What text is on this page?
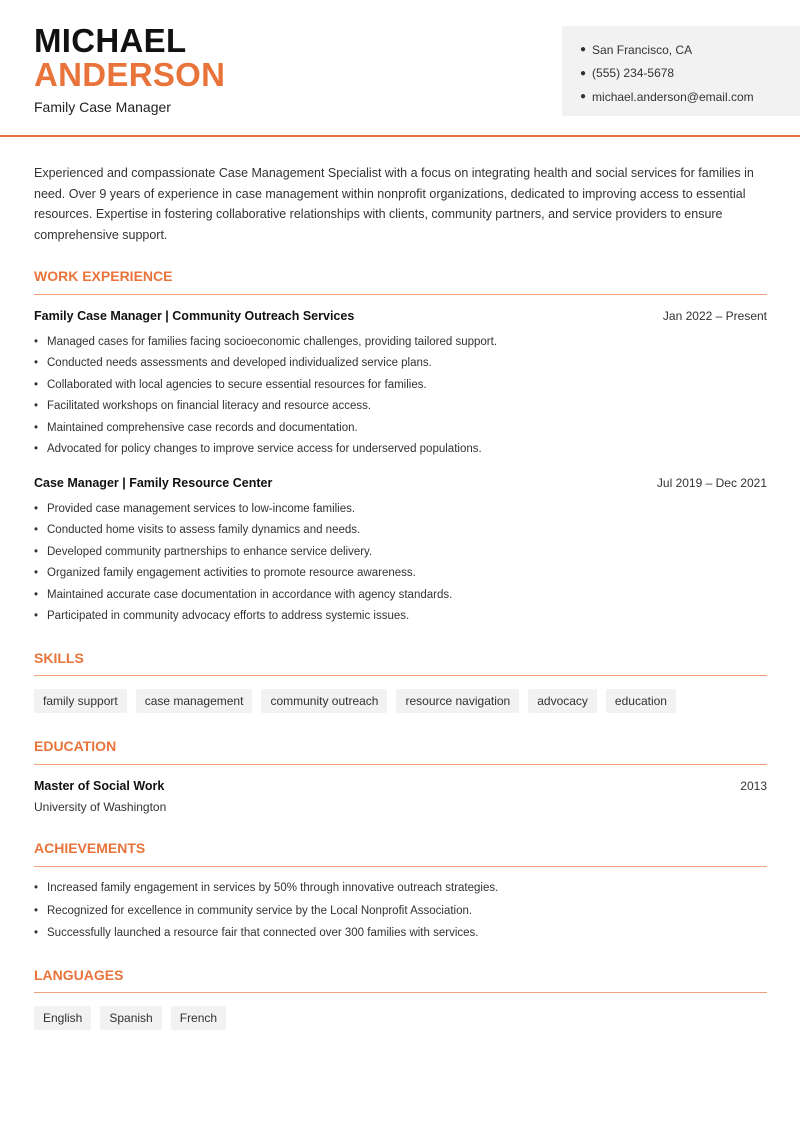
MICHAEL
ANDERSON
Family Case Manager
● San Francisco, CA
● (555) 234-5678
● michael.anderson@email.com
Experienced and compassionate Case Management Specialist with a focus on integrating health and social services for families in need. Over 9 years of experience in case management within nonprofit organizations, dedicated to improving access to essential resources. Expertise in fostering collaborative relationships with clients, community partners, and service providers to ensure comprehensive support.
WORK EXPERIENCE
Family Case Manager | Community Outreach Services	Jan 2022 – Present
• Managed cases for families facing socioeconomic challenges, providing tailored support.
• Conducted needs assessments and developed individualized service plans.
• Collaborated with local agencies to secure essential resources for families.
• Facilitated workshops on financial literacy and resource access.
• Maintained comprehensive case records and documentation.
• Advocated for policy changes to improve service access for underserved populations.
Case Manager | Family Resource Center	Jul 2019 – Dec 2021
• Provided case management services to low-income families.
• Conducted home visits to assess family dynamics and needs.
• Developed community partnerships to enhance service delivery.
• Organized family engagement activities to promote resource awareness.
• Maintained accurate case documentation in accordance with agency standards.
• Participated in community advocacy efforts to address systemic issues.
SKILLS
family support	case management	community outreach	resource navigation	advocacy	education
EDUCATION
Master of Social Work	2013
University of Washington
ACHIEVEMENTS
• Increased family engagement in services by 50% through innovative outreach strategies.
• Recognized for excellence in community service by the Local Nonprofit Association.
• Successfully launched a resource fair that connected over 300 families with services.
LANGUAGES
English	Spanish	French
